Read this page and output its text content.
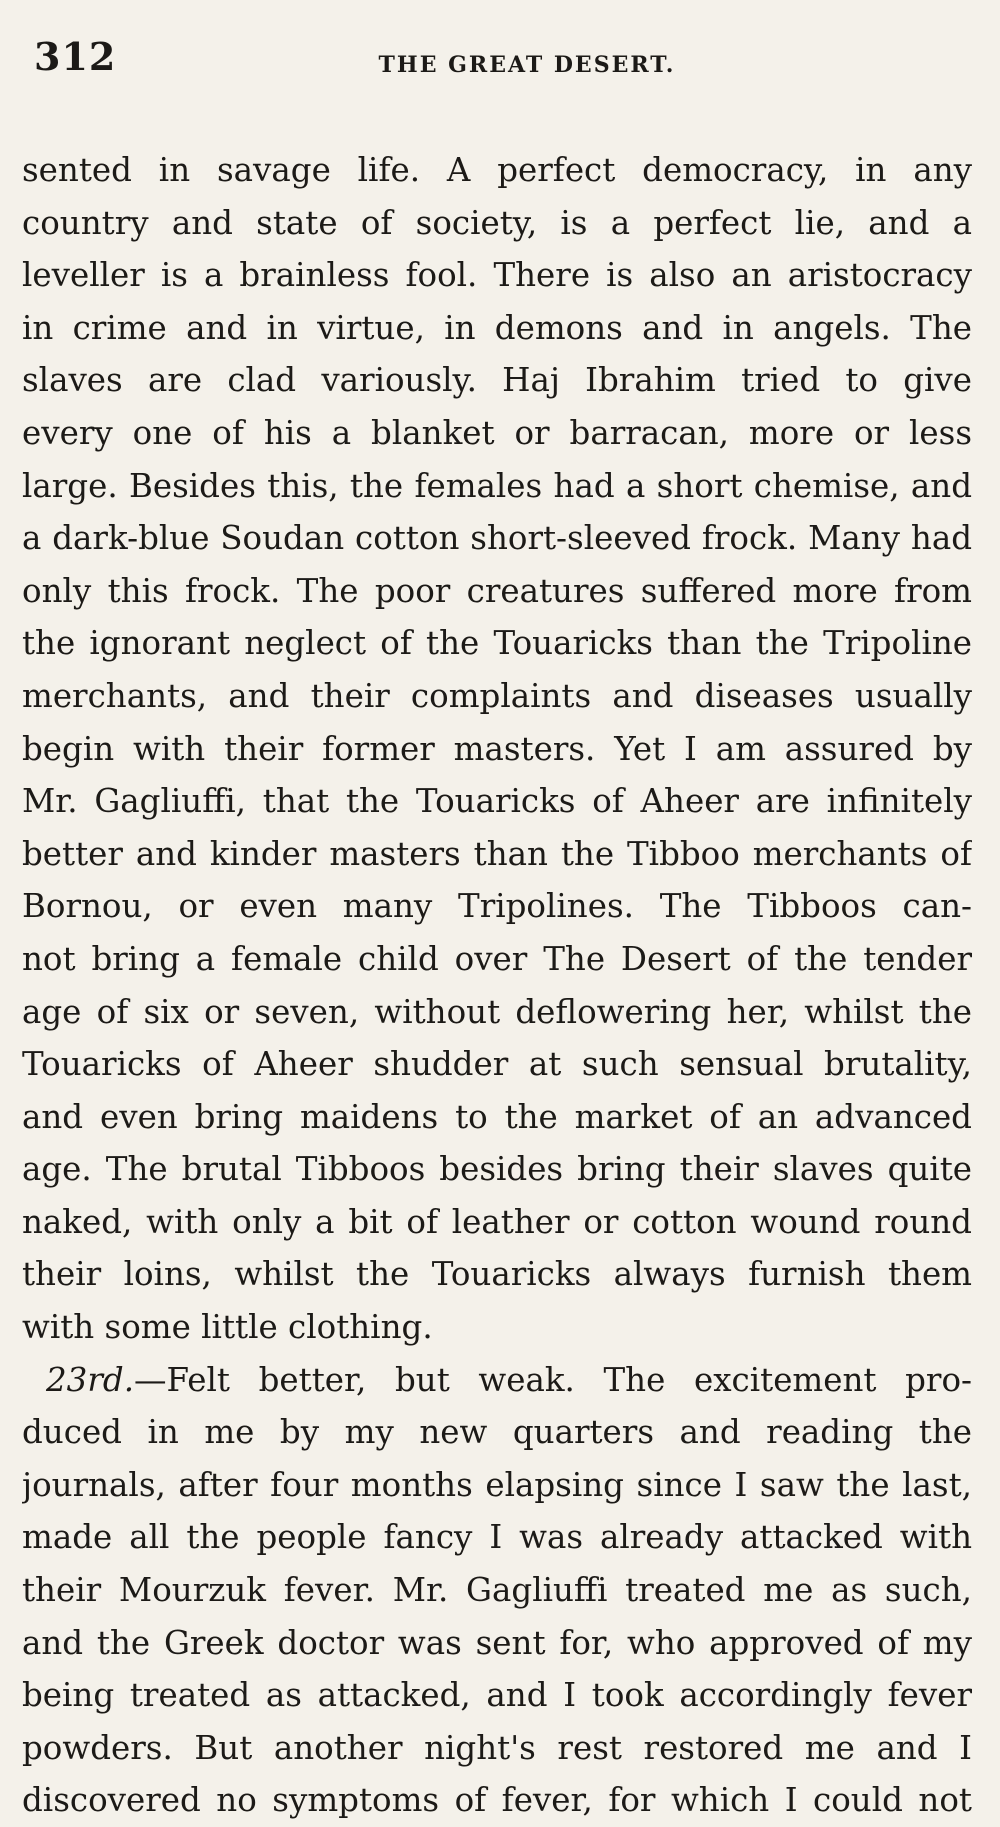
312	THE GREAT DESERT.
sented in savage life. A perfect democracy, in any
country and state of society, is a perfect lie, and a
leveller is a brainless fool. There is also an aristocracy
in crime and in virtue, in demons and in angels. The
slaves are clad variously. Haj Ibrahim tried to give
every one of his a blanket or barracan, more or less
large. Besides this, the females had a short chemise, and
a dark-blue Soudan cotton short-sleeved frock. Many had
only this frock. The poor creatures suffered more from
the ignorant neglect of the Touaricks than the Tripoline
merchants, and their complaints and diseases usually
begin with their former masters. Yet I am assured by
Mr. Gagliuffi, that the Touaricks of Aheer are infinitely
better and kinder masters than the Tibboo merchants of
Bornou, or even many Tripolines. The Tibboos can-
not bring a female child over The Desert of the tender
age of six or seven, without deflowering her, whilst the
Touaricks of Aheer shudder at such sensual brutality,
and even bring maidens to the market of an advanced
age. The brutal Tibboos besides bring their slaves quite
naked, with only a bit of leather or cotton wound round
their loins, whilst the Touaricks always furnish them
with some little clothing.
23rd.—Felt better, but weak. The excitement pro-
duced in me by my new quarters and reading the
journals, after four months elapsing since I saw the last,
made all the people fancy I was already attacked with
their Mourzuk fever. Mr. Gagliuffi treated me as such,
and the Greek doctor was sent for, who approved of my
being treated as attacked, and I took accordingly fever
powders. But another night's rest restored me and I
discovered no symptoms of fever, for which I could not
